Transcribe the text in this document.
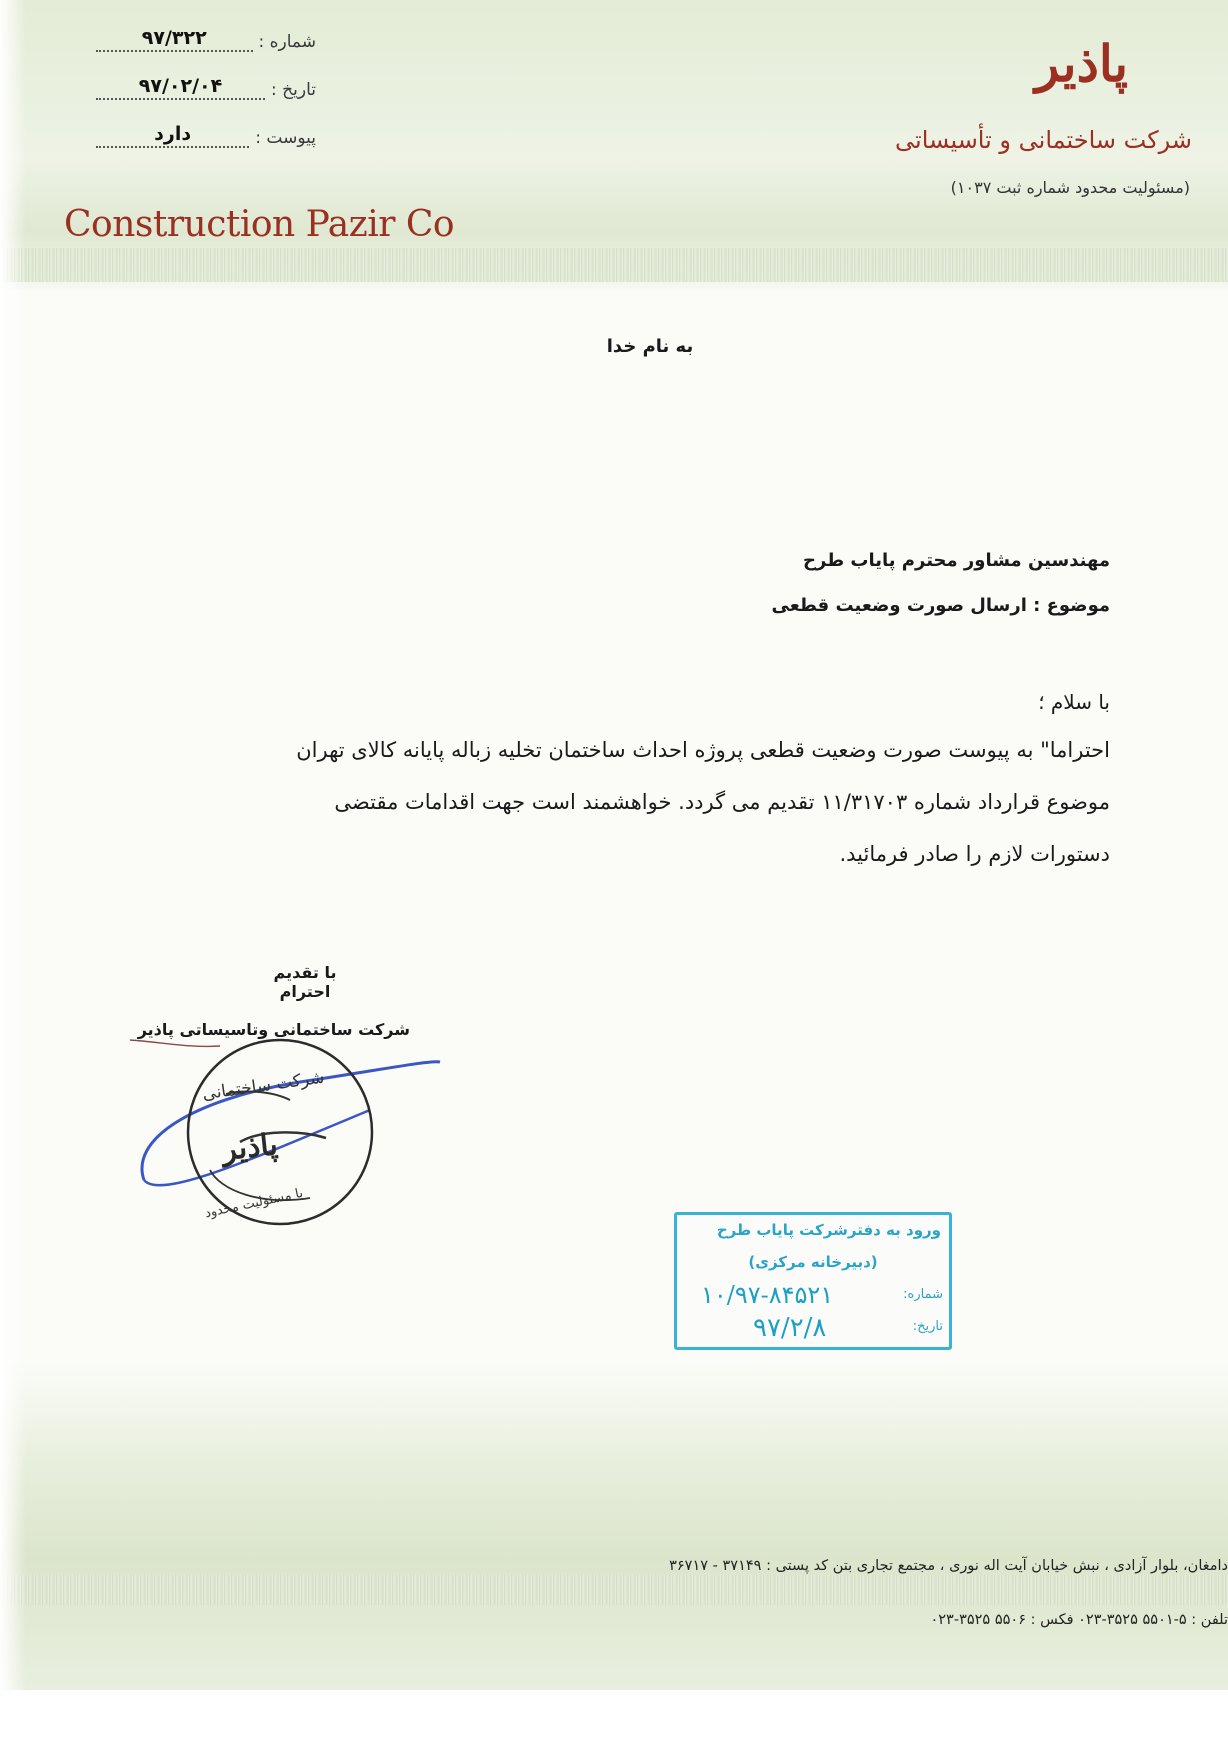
شماره :
۹۷/۳۲۲
تاریخ :
۹۷/۰۲/۰۴
پیوست :
دارد
پاذیر
شرکت ساختمانی و تأسیساتی
(مسئولیت محدود شماره ثبت ۱۰۳۷)
Construction Pazir Co
به نام خدا
مهندسین مشاور محترم پایاب طرح
موضوع : ارسال صورت وضعیت قطعی
با سلام ؛
احتراما" به پیوست صورت وضعیت قطعی پروژه احداث ساختمان تخلیه زباله پایانه کالای تهران
موضوع قرارداد شماره ۱۱/۳۱۷۰۳ تقدیم می گردد. خواهشمند است جهت اقدامات مقتضی
دستورات لازم را صادر فرمائید.
با تقدیم احترام
شرکت ساختمانی
پاذیر
با مسئولیت محدود
شرکت ساختمانی وتاسیساتی پاذیر
ورود به دفترشرکت پایاب طرح
(دبیرخانه مرکزی)
شماره:
۱۰/۹۷-۸۴۵۲۱
تاریخ:
۹۷/۲/۸
دامغان، بلوار آزادی ، نبش خیابان آیت اله نوری ، مجتمع تجاری بتن کد پستی : ۳۷۱۴۹ - ۳۶۷۱۷
تلفن : ۵-۵۵۰۱ ۳۵۲۵-۰۲۳ فکس : ۵۵۰۶ ۳۵۲۵-۰۲۳
